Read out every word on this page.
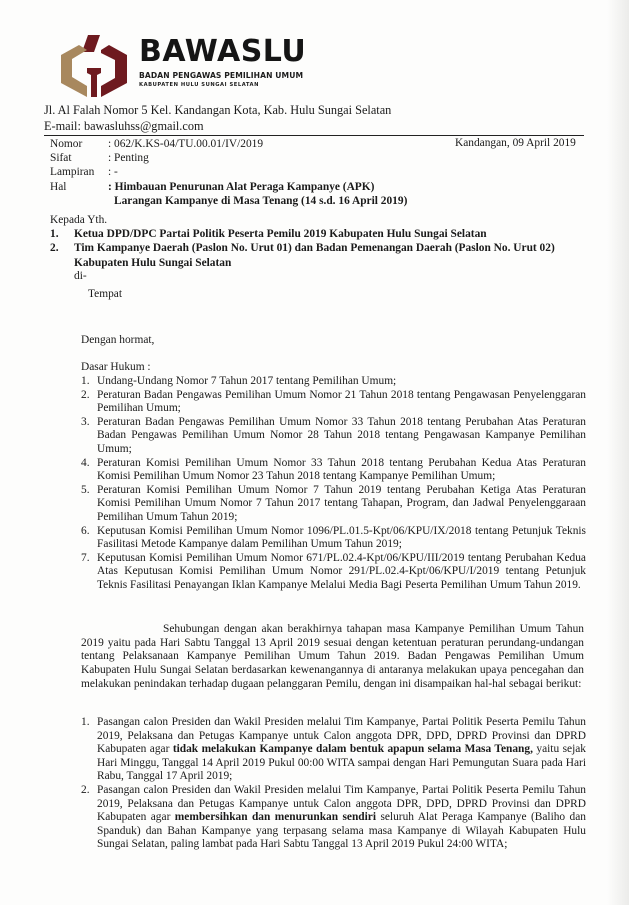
BAWASLU
BADAN PENGAWAS PEMILIHAN UMUM
KABUPATEN HULU SUNGAI SELATAN
Jl. Al Falah Nomor 5 Kel. Kandangan Kota, Kab. Hulu Sungai Selatan
E-mail: bawasluhss@gmail.com
Nomor	: 062/K.KS-04/TU.00.01/IV/2019
Sifat	: Penting
Lampiran	: -
Hal	: Himbauan Penurunan Alat Peraga Kampanye (APK)
Larangan Kampanye di Masa Tenang (14 s.d. 16 April 2019)
Kandangan, 09 April 2019
Kepada Yth.
1. Ketua DPD/DPC Partai Politik Peserta Pemilu 2019 Kabupaten Hulu Sungai Selatan
2. Tim Kampanye Daerah (Paslon No. Urut 01) dan Badan Pemenangan Daerah (Paslon No. Urut 02)
Kabupaten Hulu Sungai Selatan
di-
Tempat
Dengan hormat,
Dasar Hukum :
1. Undang-Undang Nomor 7 Tahun 2017 tentang Pemilihan Umum;
2. Peraturan Badan Pengawas Pemilihan Umum Nomor 21 Tahun 2018 tentang Pengawasan Penyelenggaran Pemilihan Umum;
3. Peraturan Badan Pengawas Pemilihan Umum Nomor 33 Tahun 2018 tentang Perubahan Atas Peraturan Badan Pengawas Pemilihan Umum Nomor 28 Tahun 2018 tentang Pengawasan Kampanye Pemilihan Umum;
4. Peraturan Komisi Pemilihan Umum Nomor 33 Tahun 2018 tentang Perubahan Kedua Atas Peraturan Komisi Pemilihan Umum Nomor 23 Tahun 2018 tentang Kampanye Pemilihan Umum;
5. Peraturan Komisi Pemilihan Umum Nomor 7 Tahun 2019 tentang Perubahan Ketiga Atas Peraturan Komisi Pemilihan Umum Nomor 7 Tahun 2017 tentang Tahapan, Program, dan Jadwal Penyelenggaraan Pemilihan Umum Tahun 2019;
6. Keputusan Komisi Pemilihan Umum Nomor 1096/PL.01.5-Kpt/06/KPU/IX/2018 tentang Petunjuk Teknis Fasilitasi Metode Kampanye dalam Pemilihan Umum Tahun 2019;
7. Keputusan Komisi Pemilihan Umum Nomor 671/PL.02.4-Kpt/06/KPU/III/2019 tentang Perubahan Kedua Atas Keputusan Komisi Pemilihan Umum Nomor 291/PL.02.4-Kpt/06/KPU/I/2019 tentang Petunjuk Teknis Fasilitasi Penayangan Iklan Kampanye Melalui Media Bagi Peserta Pemilihan Umum Tahun 2019.
Sehubungan dengan akan berakhirnya tahapan masa Kampanye Pemilihan Umum Tahun 2019 yaitu pada Hari Sabtu Tanggal 13 April 2019 sesuai dengan ketentuan peraturan perundang-undangan tentang Pelaksanaan Kampanye Pemilihan Umum Tahun 2019. Badan Pengawas Pemilihan Umum Kabupaten Hulu Sungai Selatan berdasarkan kewenangannya di antaranya melakukan upaya pencegahan dan melakukan penindakan terhadap dugaan pelanggaran Pemilu, dengan ini disampaikan hal-hal sebagai berikut:
1. Pasangan calon Presiden dan Wakil Presiden melalui Tim Kampanye, Partai Politik Peserta Pemilu Tahun 2019, Pelaksana dan Petugas Kampanye untuk Calon anggota DPR, DPD, DPRD Provinsi dan DPRD Kabupaten agar tidak melakukan Kampanye dalam bentuk apapun selama Masa Tenang, yaitu sejak Hari Minggu, Tanggal 14 April 2019 Pukul 00:00 WITA sampai dengan Hari Pemungutan Suara pada Hari Rabu, Tanggal 17 April 2019;
2. Pasangan calon Presiden dan Wakil Presiden melalui Tim Kampanye, Partai Politik Peserta Pemilu Tahun 2019, Pelaksana dan Petugas Kampanye untuk Calon anggota DPR, DPD, DPRD Provinsi dan DPRD Kabupaten agar membersihkan dan menurunkan sendiri seluruh Alat Peraga Kampanye (Baliho dan Spanduk) dan Bahan Kampanye yang terpasang selama masa Kampanye di Wilayah Kabupaten Hulu Sungai Selatan, paling lambat pada Hari Sabtu Tanggal 13 April 2019 Pukul 24:00 WITA;
